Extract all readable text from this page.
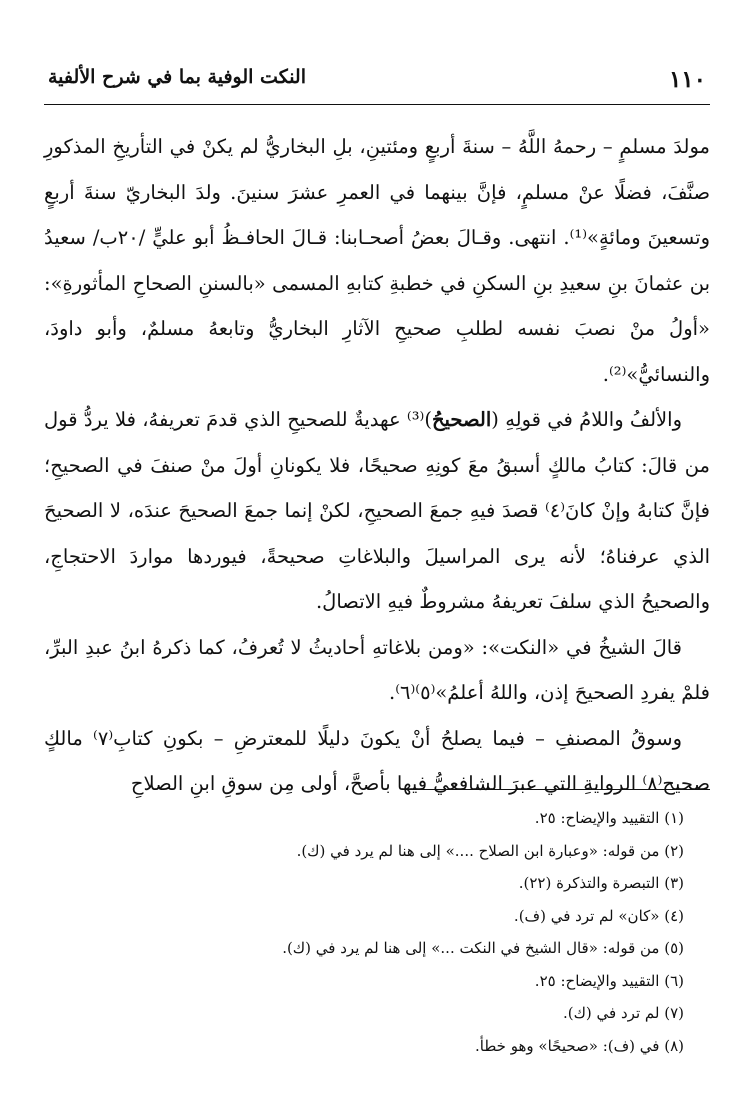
١١٠
النكت الوفية بما في شرح الألفية

مولدَ مسلمٍ – رحمهُ اللَّهُ – سنةَ أربعٍ ومئتينِ، بلِ البخاريُّ لم يكنْ في التأريخِ المذكورِ صنَّفَ، فضلًا عنْ مسلمٍ، فإنَّ بينهما في العمرِ عشرَ سنينَ. ولدَ البخاريّ سنةَ أربعٍ وتسعينَ ومائةٍ»⁽¹⁾. انتهى. وقـالَ بعضُ أصحـابنا: قـالَ الحافـظُ أبو عليٍّ /٢٠ب/ سعيدُ بن عثمانَ بنِ سعيدِ بنِ السكنِ في خطبةِ كتابهِ المسمى «بالسننِ الصحاحِ المأثورةِ»: «أولُ منْ نصبَ نفسه لطلبِ صحيحِ الآثارِ البخاريُّ وتابعهُ مسلمٌ، وأبو داودَ، والنسائيُّ»⁽²⁾.

والألفُ واللامُ في قولِهِ (الصحيحُ)⁽³⁾ عهديةٌ للصحيحِ الذي قدمَ تعريفهُ، فلا يردُّ قول من قالَ: كتابُ مالكٍ أسبقُ معَ كونِهِ صحيحًا، فلا يكونانِ أولَ منْ صنفَ في الصحيحِ؛ فإنَّ كتابهُ وإنْ كانَ⁽٤⁾ قصدَ فيهِ جمعَ الصحيحِ، لكنْ إنما جمعَ الصحيحَ عندَه، لا الصحيحَ الذي عرفناهُ؛ لأنه يرى المراسيلَ والبلاغاتِ صحيحةً، فيوردها مواردَ الاحتجاجِ، والصحيحُ الذي سلفَ تعريفهُ مشروطٌ فيهِ الاتصالُ.

قالَ الشيخُ في «النكت»: «ومن بلاغاتهِ أحاديثُ لا تُعرفُ، كما ذكرهُ ابنُ عبدِ البرِّ، فلمْ يفردِ الصحيحَ إذن، واللهُ أعلمُ»⁽٥⁾⁽٦⁾.

وسوقُ المصنفِ – فيما يصلحُ أنْ يكونَ دليلًا للمعترضِ – بكونِ كتابِ⁽٧⁾ مالكٍ صحيح⁽٨⁾ الروايةِ التي عبرَ الشافعيُّ فيها بأصحَّ، أولى مِن سوقِ ابنِ الصلاحِ

(١) التقييد والإيضاح: ٢٥.
(٢) من قوله: «وعبارة ابن الصلاح ....» إلى هنا لم يرد في (ك).
(٣) التبصرة والتذكرة (٢٢).
(٤) «كان» لم ترد في (ف).
(٥) من قوله: «قال الشيخ في النكت ...» إلى هنا لم يرد في (ك).
(٦) التقييد والإيضاح: ٢٥.
(٧) لم ترد في (ك).
(٨) في (ف): «صحيحًا» وهو خطأ.
